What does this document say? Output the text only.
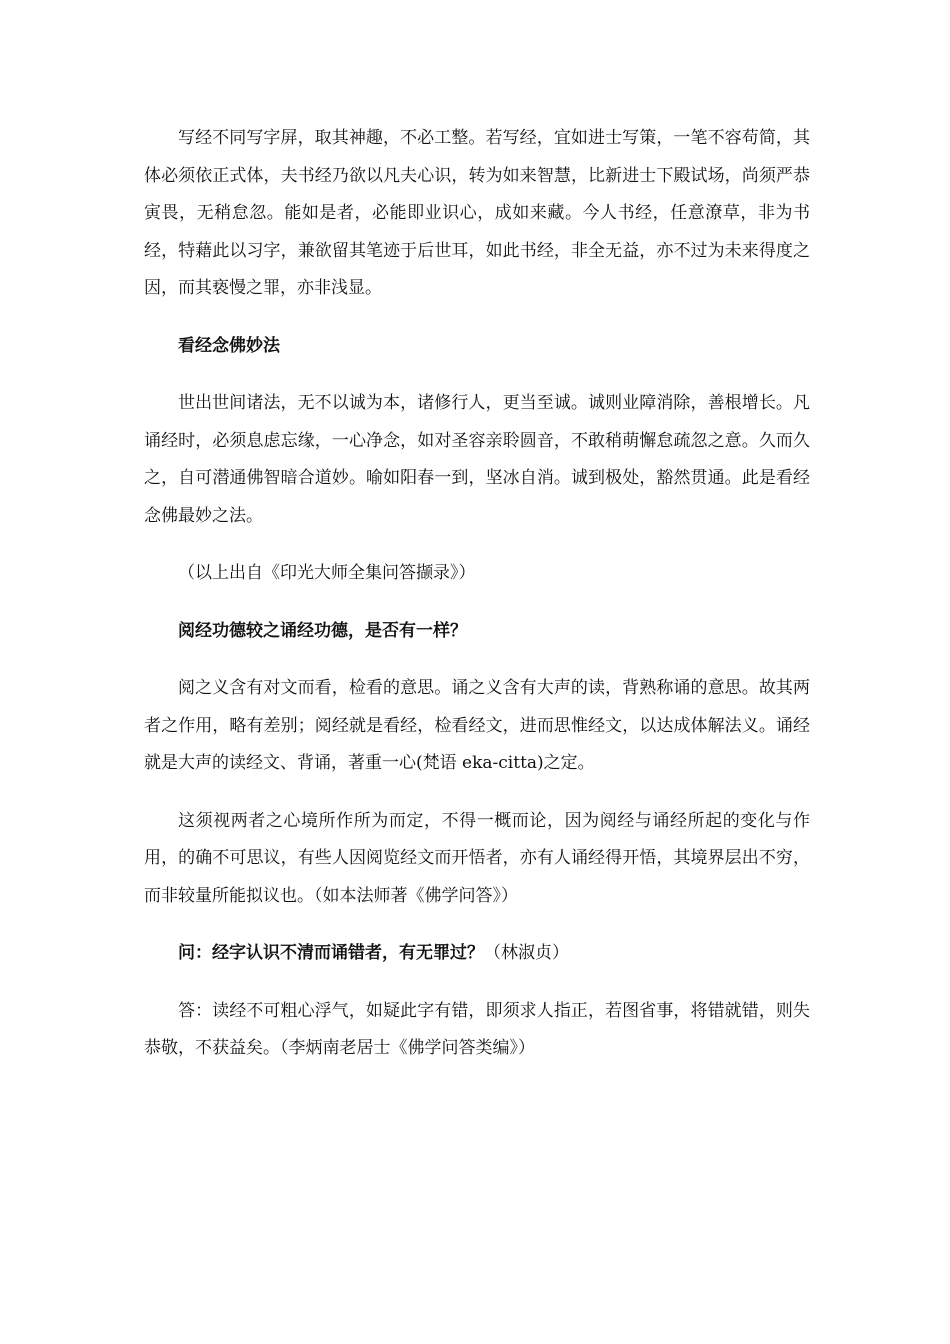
写经不同写字屏，取其神趣，不必工整。若写经，宜如进士写策，一笔不容苟简，其体必须依正式体，夫书经乃欲以凡夫心识，转为如来智慧，比新进士下殿试场，尚须严恭寅畏，无稍怠忽。能如是者，必能即业识心，成如来藏。今人书经，任意潦草，非为书经，特藉此以习字，兼欲留其笔迹于后世耳，如此书经，非全无益，亦不过为未来得度之因，而其亵慢之罪，亦非浅显。

看经念佛妙法

世出世间诸法，无不以诚为本，诸修行人，更当至诚。诚则业障消除，善根增长。凡诵经时，必须息虑忘缘，一心净念，如对圣容亲聆圆音，不敢稍萌懈怠疏忽之意。久而久之，自可潜通佛智暗合道妙。喻如阳春一到，坚冰自消。诚到极处，豁然贯通。此是看经念佛最妙之法。

（以上出自《印光大师全集问答撷录》）

阅经功德较之诵经功德，是否有一样？

阅之义含有对文而看，检看的意思。诵之义含有大声的读，背熟称诵的意思。故其两者之作用，略有差别；阅经就是看经，检看经文，进而思惟经文，以达成体解法义。诵经就是大声的读经文、背诵，著重一心(梵语 eka-citta)之定。

这须视两者之心境所作所为而定，不得一概而论，因为阅经与诵经所起的变化与作用，的确不可思议，有些人因阅览经文而开悟者，亦有人诵经得开悟，其境界层出不穷，而非较量所能拟议也。（如本法师著《佛学问答》）

问：经字认识不清而诵错者，有无罪过？（林淑贞）

答：读经不可粗心浮气，如疑此字有错，即须求人指正，若图省事，将错就错，则失恭敬，不获益矣。（李炳南老居士《佛学问答类编》）
